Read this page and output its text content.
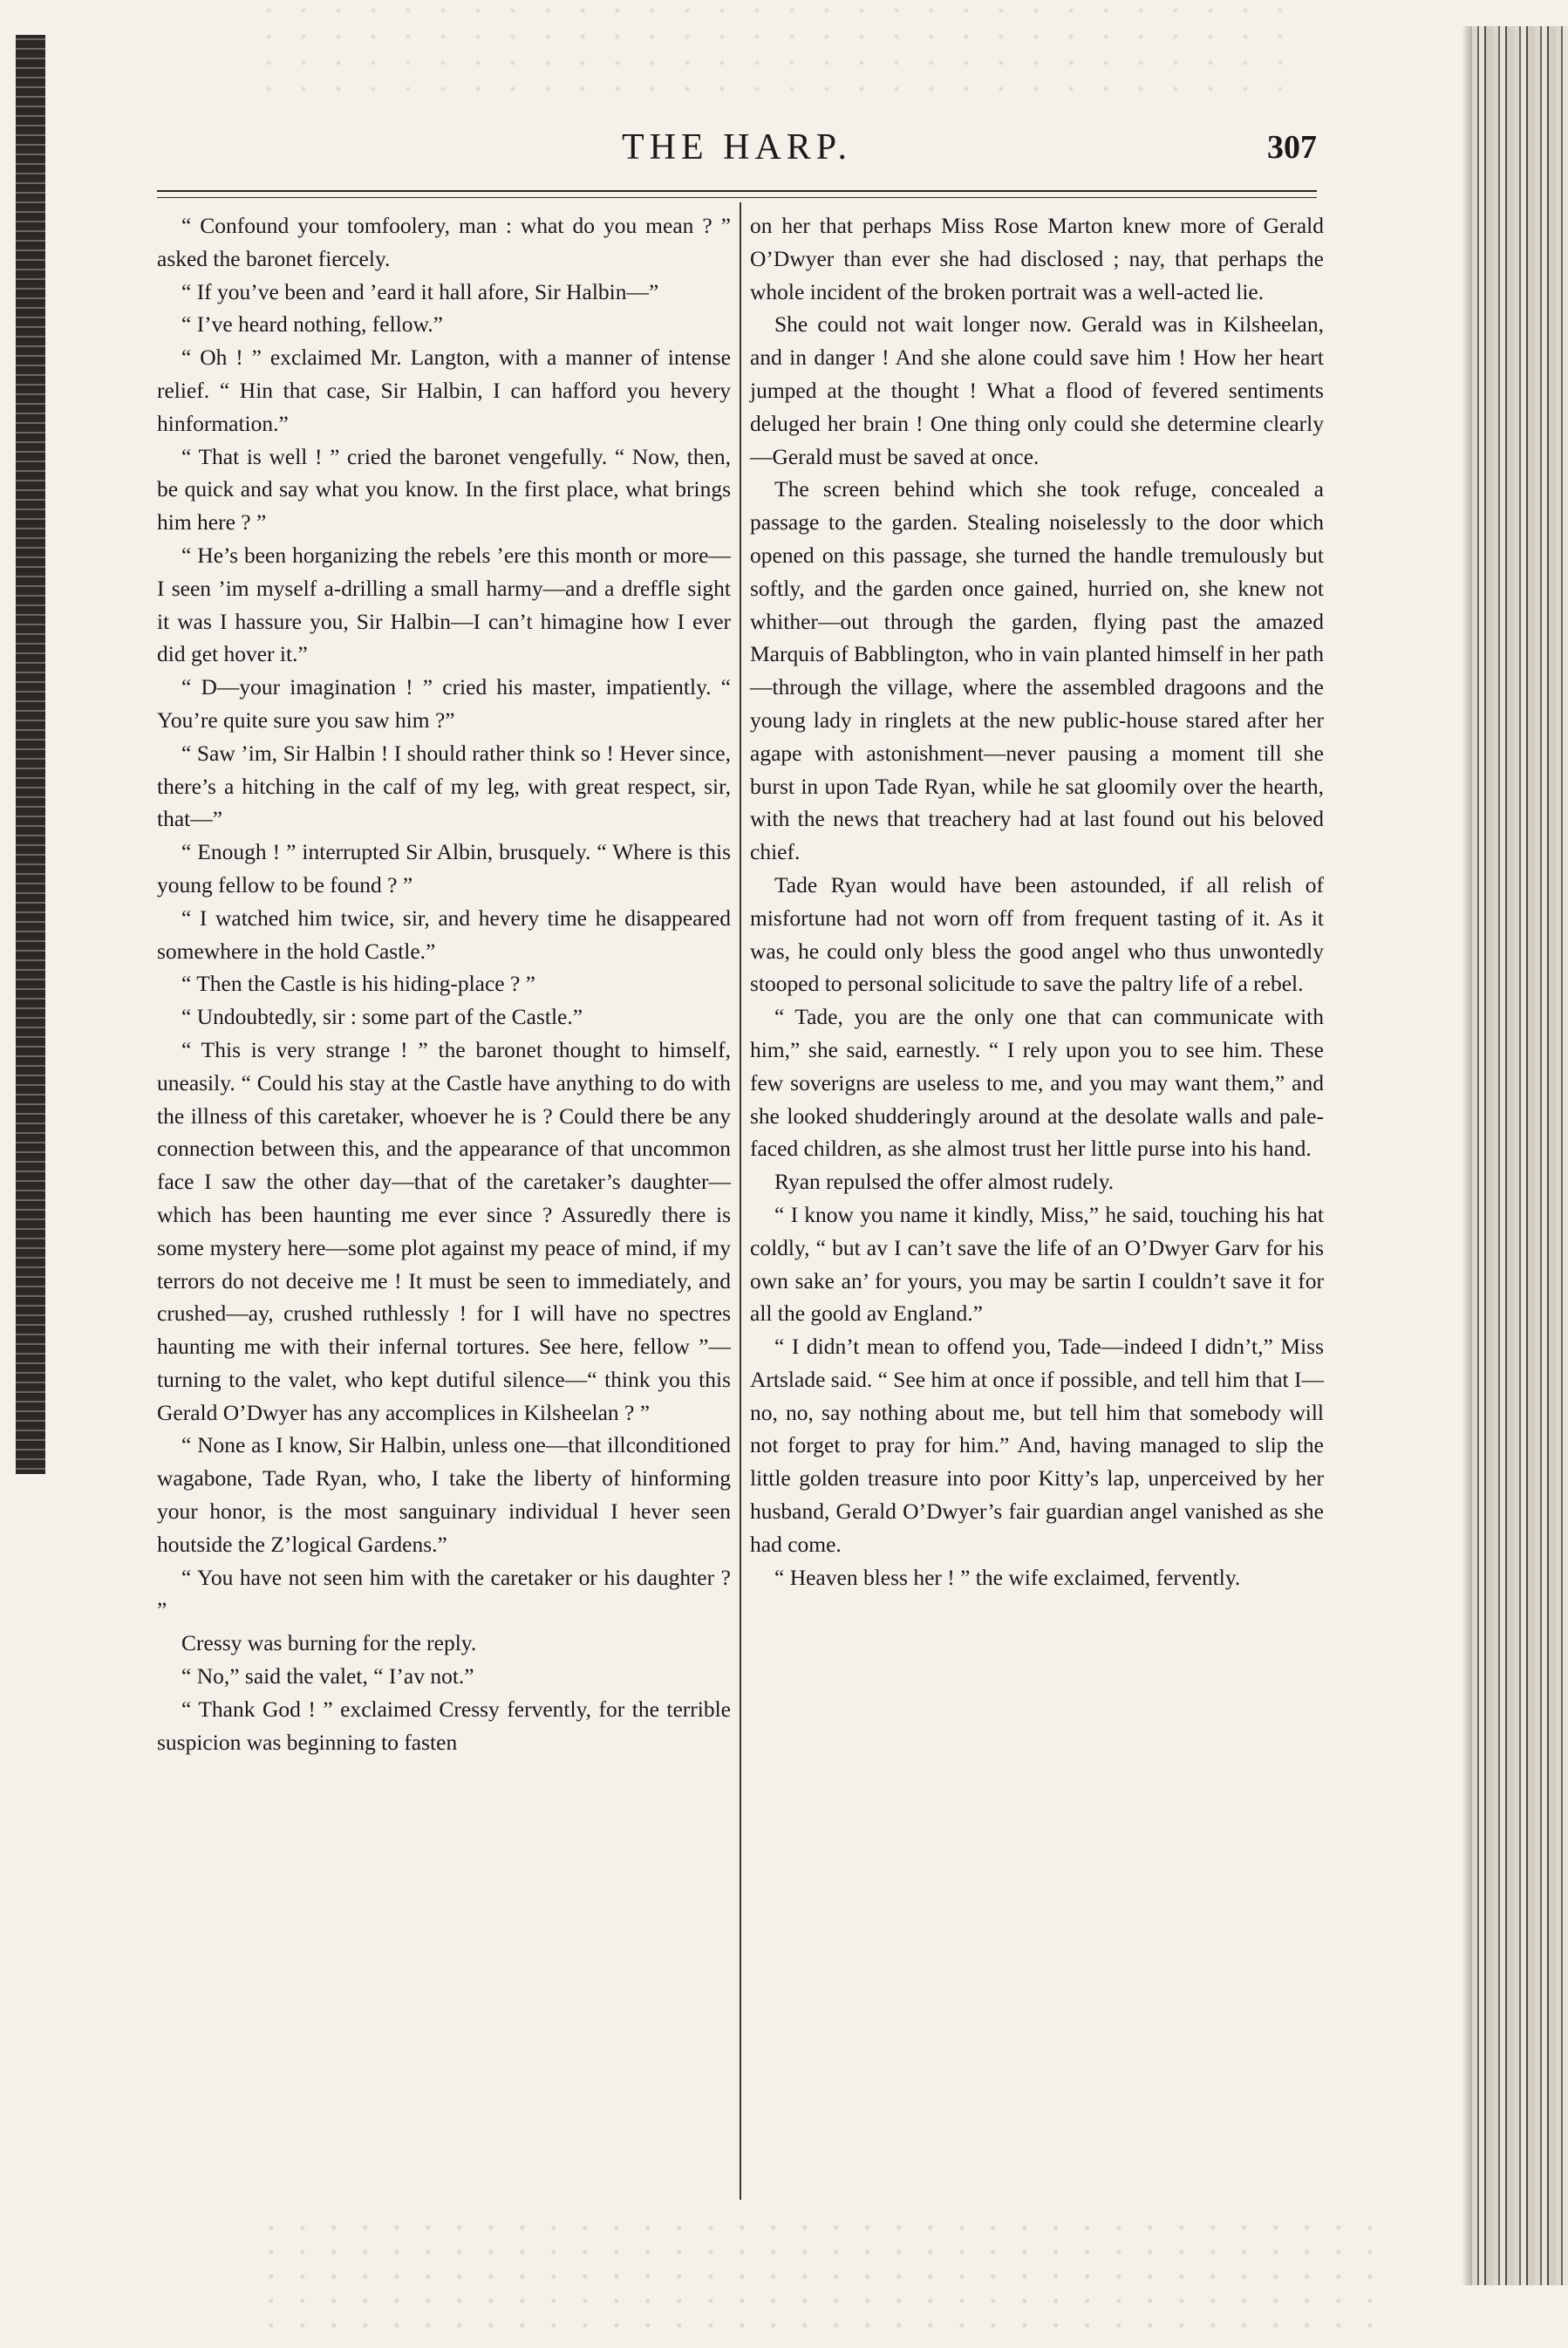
THE HARP.	307

“ Confound your tomfoolery, man : what do you mean ? ” asked the baronet fiercely.

“ If you’ve been and ’eard it hall afore, Sir Halbin—”

“ I’ve heard nothing, fellow.”

“ Oh ! ” exclaimed Mr. Langton, with a manner of intense relief. “ Hin that case, Sir Halbin, I can hafford you hevery hinformation.”

“ That is well ! ” cried the baronet vengefully. “ Now, then, be quick and say what you know. In the first place, what brings him here ? ”

“ He’s been horganizing the rebels ’ere this month or more—I seen ’im myself a-drilling a small harmy—and a dreffle sight it was I hassure you, Sir Halbin—I can’t himagine how I ever did get hover it.”

“ D—your imagination ! ” cried his master, impatiently. “ You’re quite sure you saw him ?”

“ Saw ’im, Sir Halbin ! I should rather think so ! Hever since, there’s a hitching in the calf of my leg, with great respect, sir, that—”

“ Enough ! ” interrupted Sir Albin, brusquely. “ Where is this young fellow to be found ? ”

“ I watched him twice, sir, and hevery time he disappeared somewhere in the hold Castle.”

“ Then the Castle is his hiding-place ? ”

“ Undoubtedly, sir : some part of the Castle.”

“ This is very strange ! ” the baronet thought to himself, uneasily. “ Could his stay at the Castle have anything to do with the illness of this caretaker, whoever he is ? Could there be any connection between this, and the appearance of that uncommon face I saw the other day—that of the caretaker’s daughter—which has been haunting me ever since ? Assuredly there is some mystery here—some plot against my peace of mind, if my terrors do not deceive me ! It must be seen to immediately, and crushed—ay, crushed ruthlessly ! for I will have no spectres haunting me with their infernal tortures. See here, fellow ”—turning to the valet, who kept dutiful silence—“ think you this Gerald O’Dwyer has any accomplices in Kilsheelan ? ”

“ None as I know, Sir Halbin, unless one—that illconditioned wagabone, Tade Ryan, who, I take the liberty of hinforming your honor, is the most sanguinary individual I hever seen houtside the Z’logical Gardens.”

“ You have not seen him with the caretaker or his daughter ? ”

Cressy was burning for the reply.

“ No,” said the valet, “ I’av not.”

“ Thank God ! ” exclaimed Cressy fervently, for the terrible suspicion was beginning to fasten

on her that perhaps Miss Rose Marton knew more of Gerald O’Dwyer than ever she had disclosed ; nay, that perhaps the whole incident of the broken portrait was a well-acted lie.

She could not wait longer now. Gerald was in Kilsheelan, and in danger ! And she alone could save him ! How her heart jumped at the thought ! What a flood of fevered sentiments deluged her brain ! One thing only could she determine clearly—Gerald must be saved at once.

The screen behind which she took refuge, concealed a passage to the garden. Stealing noiselessly to the door which opened on this passage, she turned the handle tremulously but softly, and the garden once gained, hurried on, she knew not whither—out through the garden, flying past the amazed Marquis of Babblington, who in vain planted himself in her path—through the village, where the assembled dragoons and the young lady in ringlets at the new public-house stared after her agape with astonishment—never pausing a moment till she burst in upon Tade Ryan, while he sat gloomily over the hearth, with the news that treachery had at last found out his beloved chief.

Tade Ryan would have been astounded, if all relish of misfortune had not worn off from frequent tasting of it. As it was, he could only bless the good angel who thus unwontedly stooped to personal solicitude to save the paltry life of a rebel.

“ Tade, you are the only one that can communicate with him,” she said, earnestly. “ I rely upon you to see him. These few soverigns are useless to me, and you may want them,” and she looked shudderingly around at the desolate walls and pale-faced children, as she almost trust her little purse into his hand.

Ryan repulsed the offer almost rudely.

“ I know you name it kindly, Miss,” he said, touching his hat coldly, “ but av I can’t save the life of an O’Dwyer Garv for his own sake an’ for yours, you may be sartin I couldn’t save it for all the goold av England.”

“ I didn’t mean to offend you, Tade—indeed I didn’t,” Miss Artslade said. “ See him at once if possible, and tell him that I—no, no, say nothing about me, but tell him that somebody will not forget to pray for him.” And, having managed to slip the little golden treasure into poor Kitty’s lap, unperceived by her husband, Gerald O’Dwyer’s fair guardian angel vanished as she had come.

“ Heaven bless her ! ” the wife exclaimed, fervently.
